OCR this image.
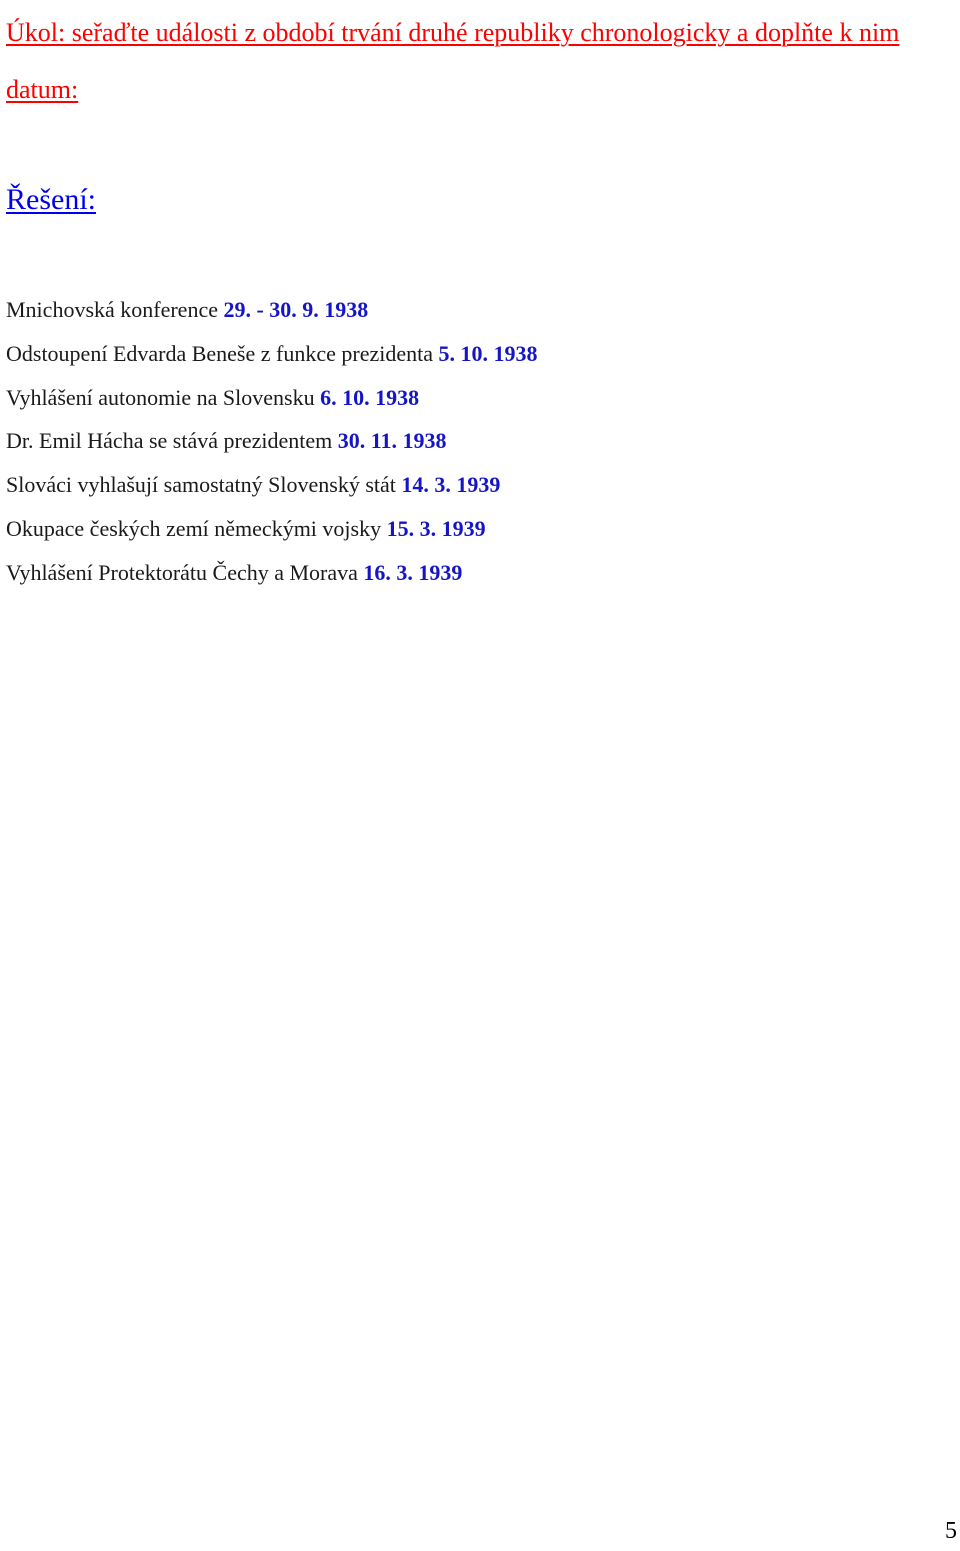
Úkol: seřaďte události z období trvání druhé republiky chronologicky a doplňte k nim datum:
Řešení:
Mnichovská konference 29. - 30. 9. 1938
Odstoupení Edvarda Beneše z funkce prezidenta 5. 10. 1938
Vyhlášení autonomie na Slovensku 6. 10. 1938
Dr. Emil Hácha se stává prezidentem 30. 11. 1938
Slováci vyhlašují samostatný Slovenský stát 14. 3. 1939
Okupace českých zemí německými vojsky 15. 3. 1939
Vyhlášení Protektorátu Čechy a Morava 16. 3. 1939
5
